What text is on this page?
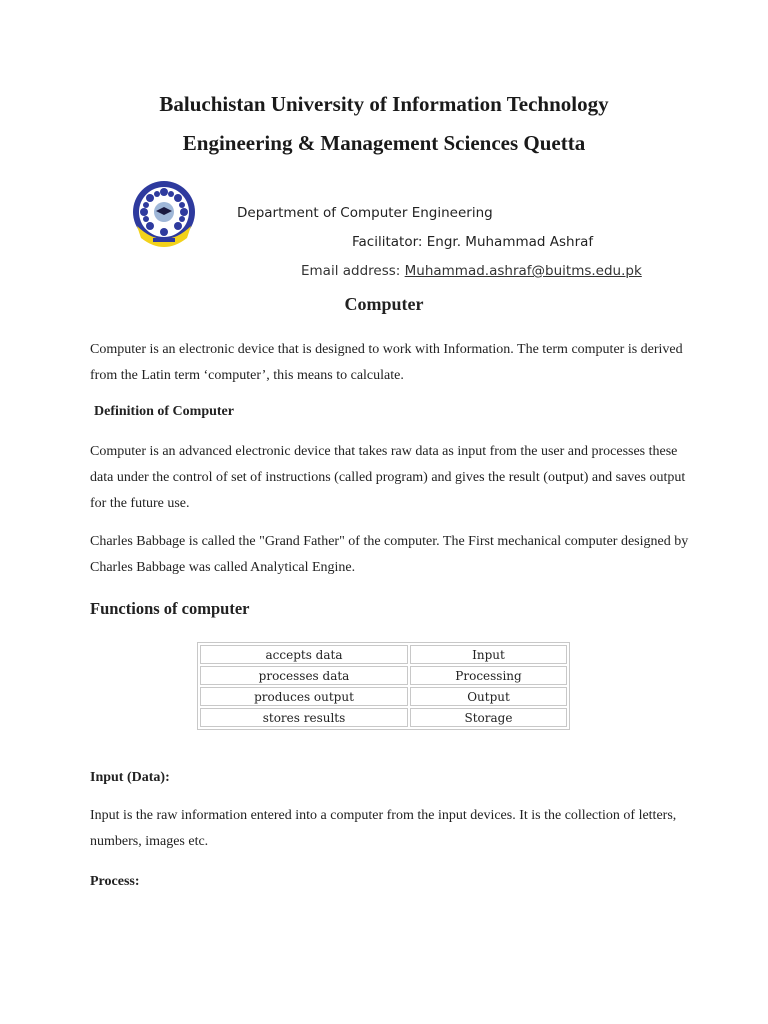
Baluchistan University of Information Technology
Engineering & Management Sciences Quetta
Department of Computer Engineering
Facilitator: Engr. Muhammad Ashraf
Email address: Muhammad.ashraf@buitms.edu.pk
Computer
Computer is an electronic device that is designed to work with Information. The term computer is derived from the Latin term ‘computer’, this means to calculate.
Definition of Computer
Computer is an advanced electronic device that takes raw data as input from the user and processes these data under the control of set of instructions (called program) and gives the result (output) and saves output for the future use.
Charles Babbage is called the "Grand Father" of the computer. The First mechanical computer designed by Charles Babbage was called Analytical Engine.
Functions of computer
accepts data	Input
processes data	Processing
produces output	Output
stores results	Storage
Input (Data):
Input is the raw information entered into a computer from the input devices. It is the collection of letters, numbers, images etc.
Process:
